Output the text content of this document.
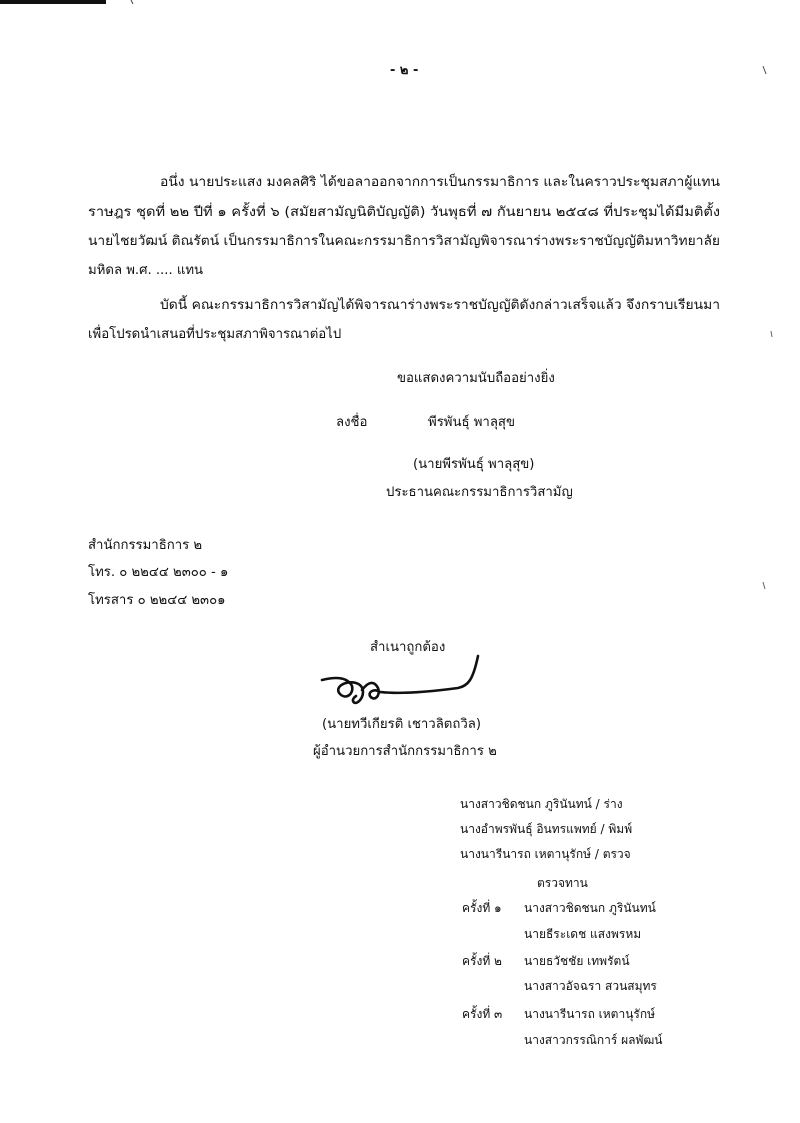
- ๒ -
อนึ่ง นายประแสง มงคลศิริ ได้ขอลาออกจากการเป็นกรรมาธิการ และในคราวประชุมสภาผู้แทน
ราษฎร ชุดที่ ๒๒ ปีที่ ๑ ครั้งที่ ๖ (สมัยสามัญนิติบัญญัติ) วันพุธที่ ๗ กันยายน ๒๕๔๘ ที่ประชุมได้มีมติตั้ง
นายไชยวัฒน์ ติณรัตน์ เป็นกรรมาธิการในคณะกรรมาธิการวิสามัญพิจารณาร่างพระราชบัญญัติมหาวิทยาลัย
มหิดล พ.ศ. .... แทน
บัดนี้ คณะกรรมาธิการวิสามัญได้พิจารณาร่างพระราชบัญญัติดังกล่าวเสร็จแล้ว จึงกราบเรียนมา
เพื่อโปรดนำเสนอที่ประชุมสภาพิจารณาต่อไป
ขอแสดงความนับถืออย่างยิ่ง
ลงชื่อ	พีรพันธุ์ พาลุสุข
(นายพีรพันธุ์ พาลุสุข)
ประธานคณะกรรมาธิการวิสามัญ
สำนักกรรมาธิการ ๒
โทร. ๐ ๒๒๔๔ ๒๓๐๐ - ๑
โทรสาร ๐ ๒๒๔๔ ๒๓๐๑
สำเนาถูกต้อง
(นายทวีเกียรติ เชาวลิตถวิล)
ผู้อำนวยการสำนักกรรมาธิการ ๒
นางสาวชิดชนก ภูรินันทน์ / ร่าง
นางอำพรพันธุ์ อินทรแพทย์ / พิมพ์
นางนารีนารถ เหตานุรักษ์ / ตรวจ
ตรวจทาน
ครั้งที่ ๑ นางสาวชิดชนก ภูรินันทน์
นายธีระเดช แสงพรหม
ครั้งที่ ๒ นายธวัชชัย เทพรัตน์
นางสาวอัจฉรา สวนสมุทร
ครั้งที่ ๓ นางนารีนารถ เหตานุรักษ์
นางสาวกรรณิการ์ ผลพัฒน์
